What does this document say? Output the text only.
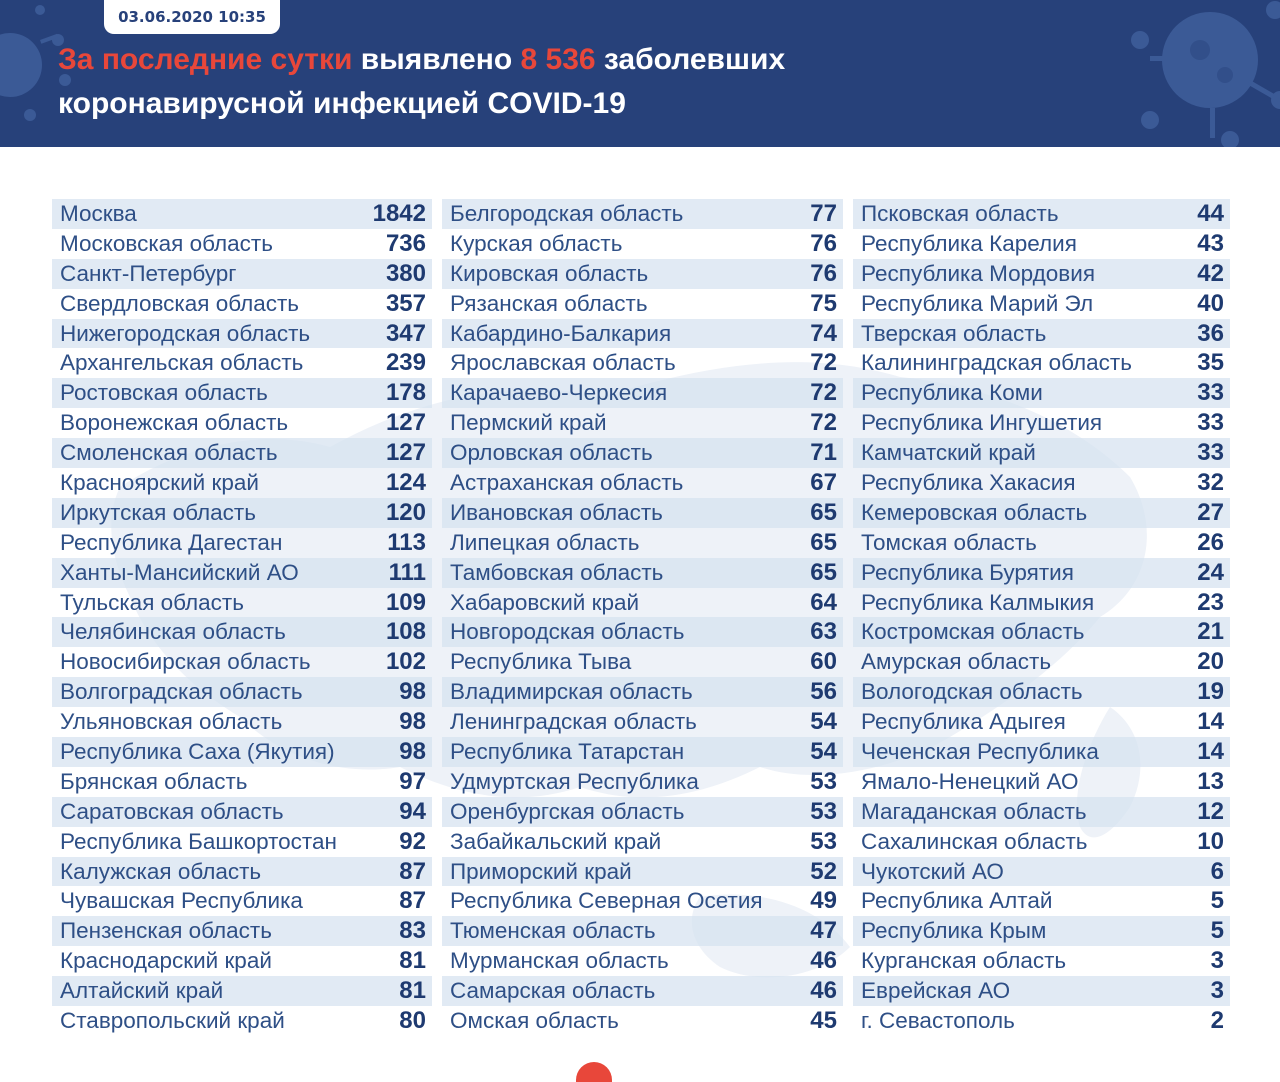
03.06.2020 10:35
За последние сутки выявлено 8 536 заболевших
коронавирусной инфекцией COVID-19
Москва	1842
Московская область	736
Санкт-Петербург	380
Свердловская область	357
Нижегородская область	347
Архангельская область	239
Ростовская область	178
Воронежская область	127
Смоленская область	127
Красноярский край	124
Иркутская область	120
Республика Дагестан	113
Ханты-Мансийский АО	111
Тульская область	109
Челябинская область	108
Новосибирская область	102
Волгоградская область	98
Ульяновская область	98
Республика Саха (Якутия)	98
Брянская область	97
Саратовская область	94
Республика Башкортостан	92
Калужская область	87
Чувашская Республика	87
Пензенская область	83
Краснодарский край	81
Алтайский край	81
Ставропольский край	80
Белгородская область	77
Курская область	76
Кировская область	76
Рязанская область	75
Кабардино-Балкария	74
Ярославская область	72
Карачаево-Черкесия	72
Пермский край	72
Орловская область	71
Астраханская область	67
Ивановская область	65
Липецкая область	65
Тамбовская область	65
Хабаровский край	64
Новгородская область	63
Республика Тыва	60
Владимирская область	56
Ленинградская область	54
Республика Татарстан	54
Удмуртская Республика	53
Оренбургская область	53
Забайкальский край	53
Приморский край	52
Республика Северная Осетия 49
Тюменская область	47
Мурманская область	46
Самарская область	46
Омская область	45
Псковская область	44
Республика Карелия	43
Республика Мордовия	42
Республика Марий Эл	40
Тверская область	36
Калининградская область	35
Республика Коми	33
Республика Ингушетия	33
Камчатский край	33
Республика Хакасия	32
Кемеровская область	27
Томская область	26
Республика Бурятия	24
Республика Калмыкия	23
Костромская область	21
Амурская область	20
Вологодская область	19
Республика Адыгея	14
Чеченская Республика	14
Ямало-Ненецкий АО	13
Магаданская область	12
Сахалинская область	10
Чукотский АО	6
Республика Алтай	5
Республика Крым	5
Курганская область	3
Еврейская АО	3
г. Севастополь	2
